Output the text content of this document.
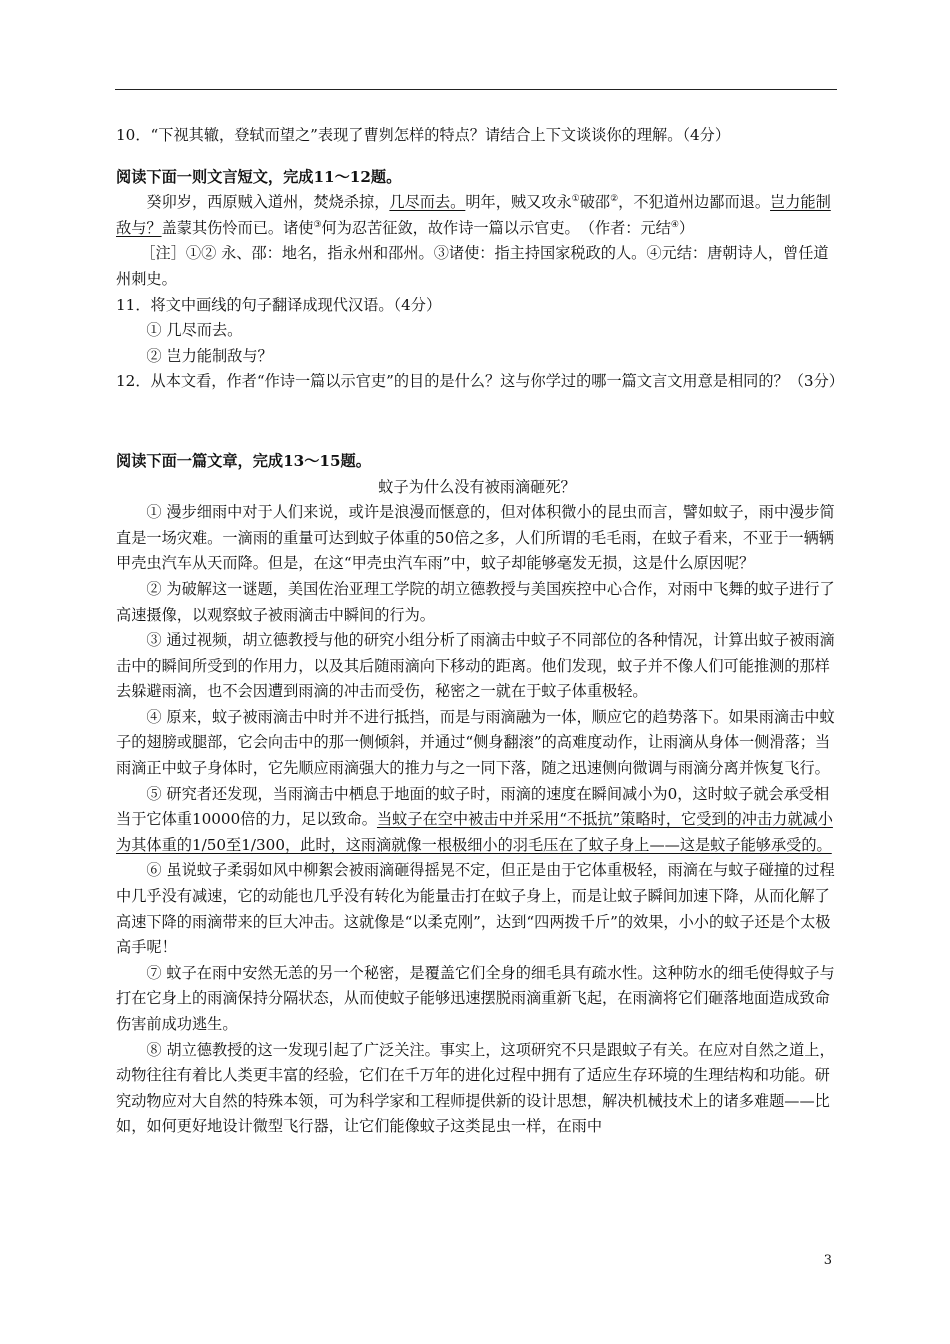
10．“下视其辙，登轼而望之”表现了曹刿怎样的特点？请结合上下文谈谈你的理解。（4分）

阅读下面一则文言短文，完成11～12题。

癸卯岁，西原贼入道州，焚烧杀掠，几尽而去。明年，贼又攻永①破邵②，不犯道州边鄙而退。岂力能制敌与？盖蒙其伤怜而已。诸使③何为忍苦征敛，故作诗一篇以示官吏。　（作者：元结④）

［注］①② 永、邵：地名，指永州和邵州。③诸使：指主持国家税政的人。④元结：唐朝诗人，曾任道州刺史。

11．将文中画线的句子翻译成现代汉语。（4分）

① 几尽而去。

② 岂力能制敌与？

12．从本文看，作者“作诗一篇以示官吏”的目的是什么？这与你学过的哪一篇文言文用意是相同的？（3分）

阅读下面一篇文章，完成13～15题。

蚊子为什么没有被雨滴砸死？

① 漫步细雨中对于人们来说，或许是浪漫而惬意的，但对体积微小的昆虫而言，譬如蚊子，雨中漫步简直是一场灾难。一滴雨的重量可达到蚊子体重的50倍之多，人们所谓的毛毛雨，在蚊子看来，不亚于一辆辆甲壳虫汽车从天而降。但是，在这“甲壳虫汽车雨”中，蚊子却能够毫发无损，这是什么原因呢？

② 为破解这一谜题，美国佐治亚理工学院的胡立德教授与美国疾控中心合作，对雨中飞舞的蚊子进行了高速摄像，以观察蚊子被雨滴击中瞬间的行为。

③ 通过视频，胡立德教授与他的研究小组分析了雨滴击中蚊子不同部位的各种情况，计算出蚊子被雨滴击中的瞬间所受到的作用力，以及其后随雨滴向下移动的距离。他们发现，蚊子并不像人们可能推测的那样去躲避雨滴，也不会因遭到雨滴的冲击而受伤，秘密之一就在于蚊子体重极轻。

④ 原来，蚊子被雨滴击中时并不进行抵挡，而是与雨滴融为一体，顺应它的趋势落下。如果雨滴击中蚊子的翅膀或腿部，它会向击中的那一侧倾斜，并通过“侧身翻滚”的高难度动作，让雨滴从身体一侧滑落；当雨滴正中蚊子身体时，它先顺应雨滴强大的推力与之一同下落，随之迅速侧向微调与雨滴分离并恢复飞行。

⑤ 研究者还发现，当雨滴击中栖息于地面的蚊子时，雨滴的速度在瞬间减小为0，这时蚊子就会承受相当于它体重10000倍的力，足以致命。当蚊子在空中被击中并采用“不抵抗”策略时，它受到的冲击力就减小为其体重的1/50至1/300，此时，这雨滴就像一根极细小的羽毛压在了蚊子身上——这是蚊子能够承受的。

⑥ 虽说蚊子柔弱如风中柳絮会被雨滴砸得摇晃不定，但正是由于它体重极轻，雨滴在与蚊子碰撞的过程中几乎没有减速，它的动能也几乎没有转化为能量击打在蚊子身上，而是让蚊子瞬间加速下降，从而化解了高速下降的雨滴带来的巨大冲击。这就像是“以柔克刚”，达到“四两拨千斤”的效果，小小的蚊子还是个太极高手呢！

⑦ 蚊子在雨中安然无恙的另一个秘密，是覆盖它们全身的细毛具有疏水性。这种防水的细毛使得蚊子与打在它身上的雨滴保持分隔状态，从而使蚊子能够迅速摆脱雨滴重新飞起，在雨滴将它们砸落地面造成致命伤害前成功逃生。

⑧ 胡立德教授的这一发现引起了广泛关注。事实上，这项研究不只是跟蚊子有关。在应对自然之道上，动物往往有着比人类更丰富的经验，它们在千万年的进化过程中拥有了适应生存环境的生理结构和功能。研究动物应对大自然的特殊本领，可为科学家和工程师提供新的设计思想，解决机械技术上的诸多难题——比如，如何更好地设计微型飞行器，让它们能像蚊子这类昆虫一样，在雨中

3
